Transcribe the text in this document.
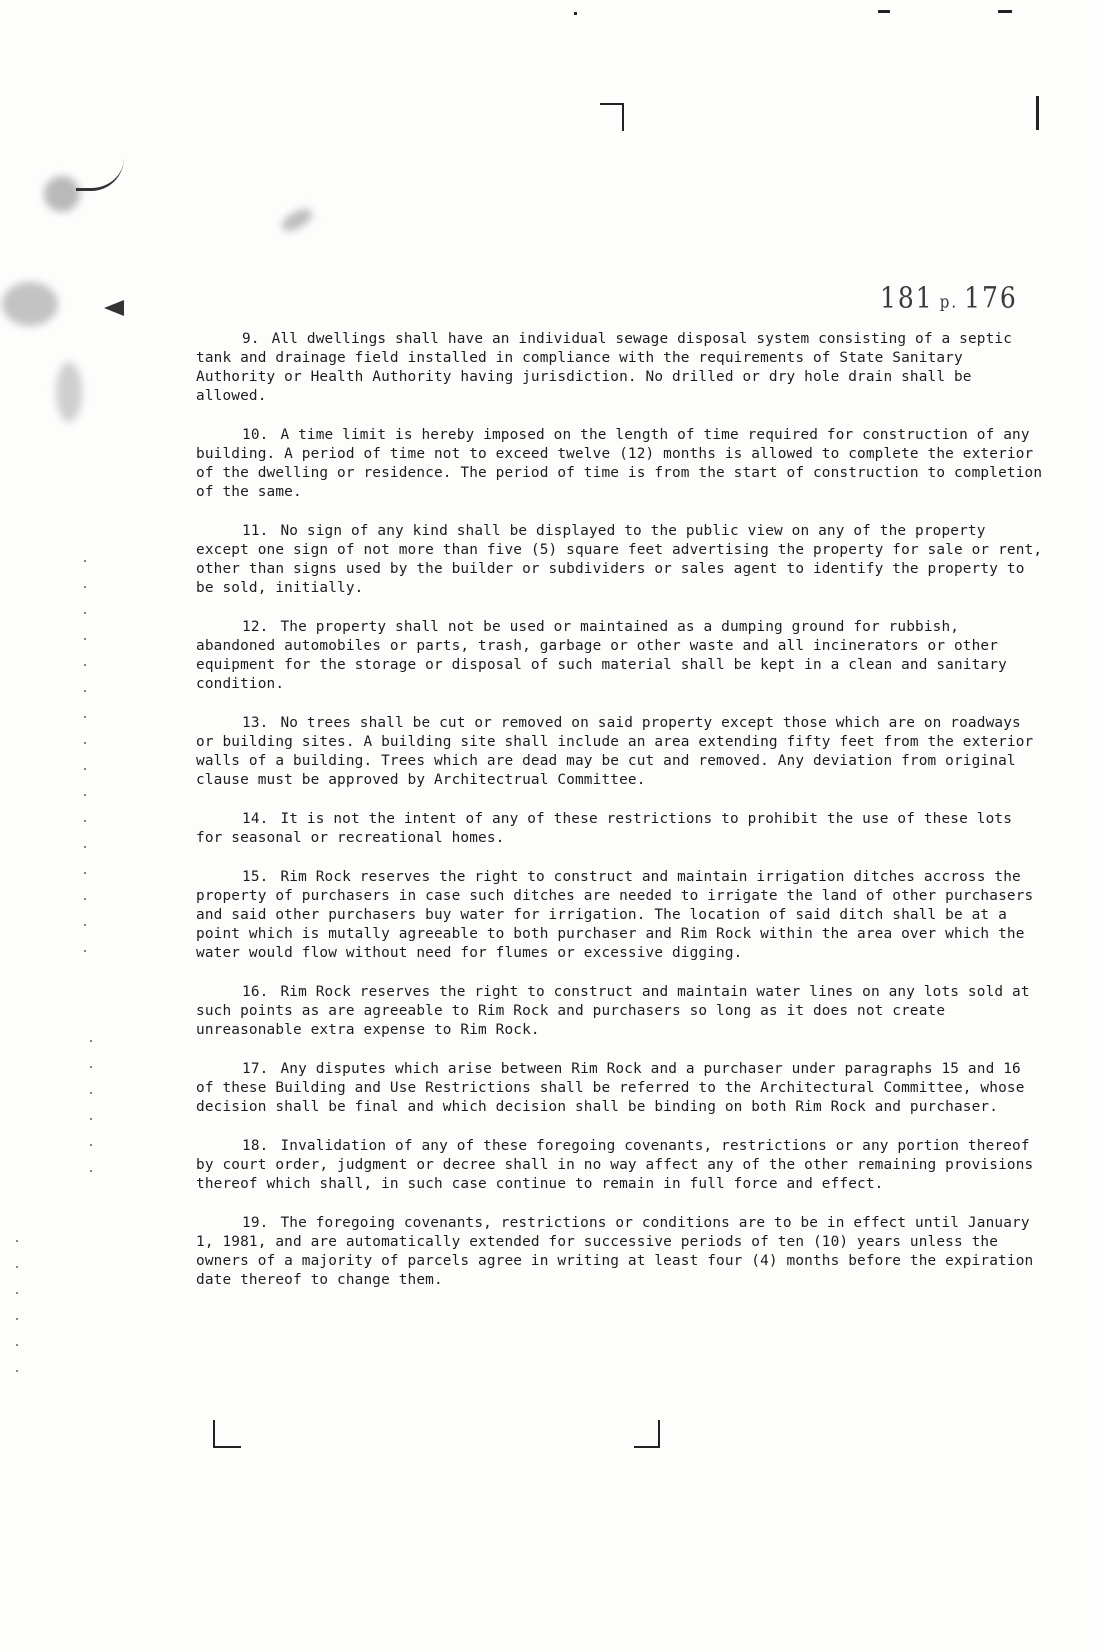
181 p. 176

9. All dwellings shall have an individual sewage disposal system consisting of a septic tank and drainage field installed in compliance with the requirements of State Sanitary Authority or Health Authority having jurisdiction. No drilled or dry hole drain shall be allowed.

10. A time limit is hereby imposed on the length of time required for construction of any building. A period of time not to exceed twelve (12) months is allowed to complete the exterior of the dwelling or residence. The period of time is from the start of construction to completion of the same.

11. No sign of any kind shall be displayed to the public view on any of the property except one sign of not more than five (5) square feet advertising the property for sale or rent, other than signs used by the builder or subdividers or sales agent to identify the property to be sold, initially.

12. The property shall not be used or maintained as a dumping ground for rubbish, abandoned automobiles or parts, trash, garbage or other waste and all incinerators or other equipment for the storage or disposal of such material shall be kept in a clean and sanitary condition.

13. No trees shall be cut or removed on said property except those which are on roadways or building sites. A building site shall include an area extending fifty feet from the exterior walls of a building. Trees which are dead may be cut and removed. Any deviation from original clause must be approved by Architectrual Committee.

14. It is not the intent of any of these restrictions to prohibit the use of these lots for seasonal or recreational homes.

15. Rim Rock reserves the right to construct and maintain irrigation ditches accross the property of purchasers in case such ditches are needed to irrigate the land of other purchasers and said other purchasers buy water for irrigation. The location of said ditch shall be at a point which is mutally agreeable to both purchaser and Rim Rock within the area over which the water would flow without need for flumes or excessive digging.

16. Rim Rock reserves the right to construct and maintain water lines on any lots sold at such points as are agreeable to Rim Rock and purchasers so long as it does not create unreasonable extra expense to Rim Rock.

17. Any disputes which arise between Rim Rock and a purchaser under paragraphs 15 and 16 of these Building and Use Restrictions shall be referred to the Architectural Committee, whose decision shall be final and which decision shall be binding on both Rim Rock and purchaser.

18. Invalidation of any of these foregoing covenants, restrictions or any portion thereof by court order, judgment or decree shall in no way affect any of the other remaining provisions thereof which shall, in such case continue to remain in full force and effect.

19. The foregoing covenants, restrictions or conditions are to be in effect until January 1, 1981, and are automatically extended for successive periods of ten (10) years unless the owners of a majority of parcels agree in writing at least four (4) months before the expiration date thereof to change them.
